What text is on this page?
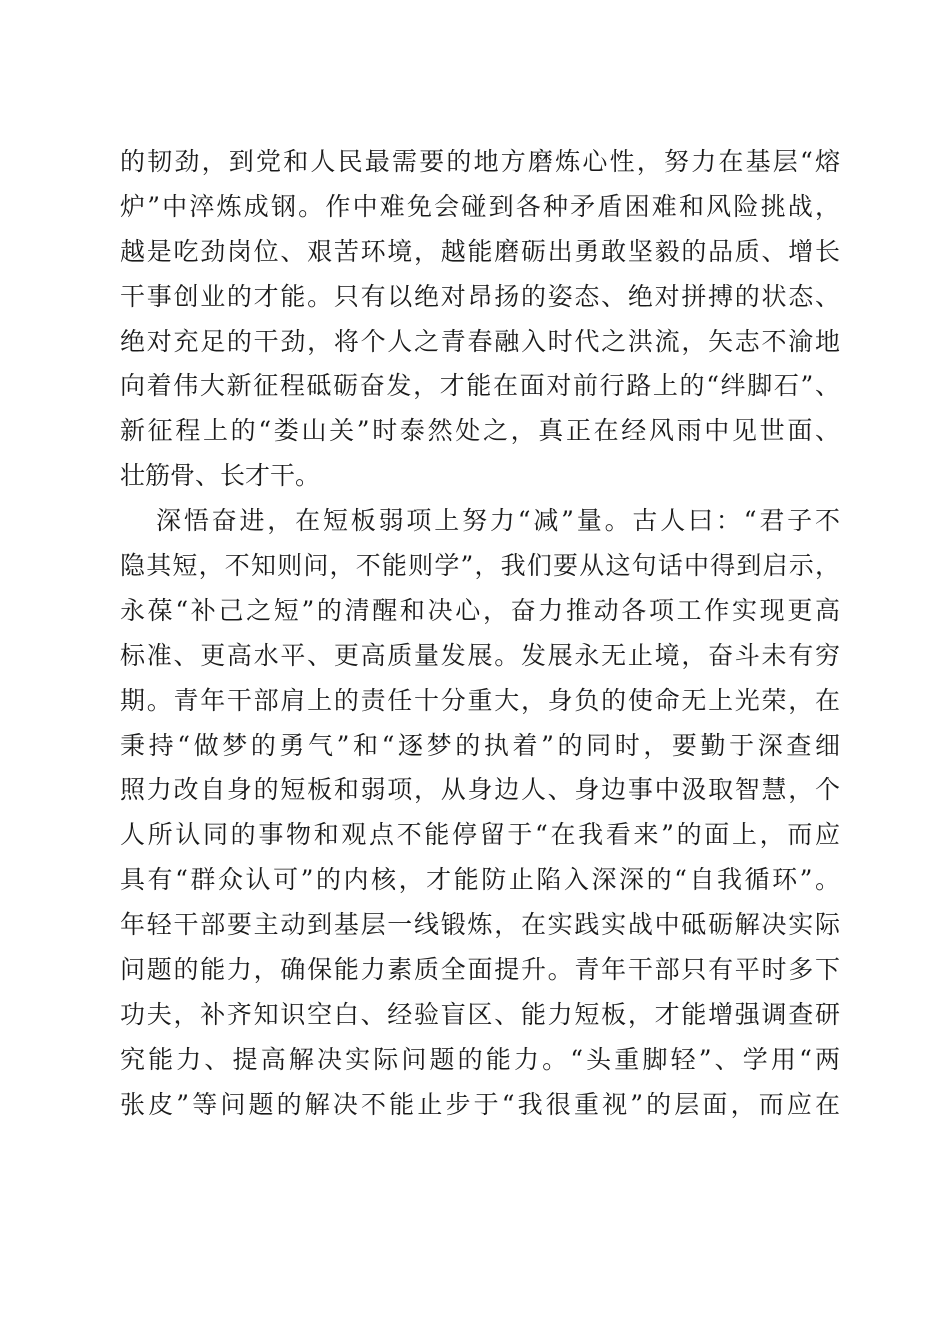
的韧劲，到党和人民最需要的地方磨炼心性，努力在基层“熔
炉”中淬炼成钢。作中难免会碰到各种矛盾困难和风险挑战，
越是吃劲岗位、艰苦环境，越能磨砺出勇敢坚毅的品质、增长
干事创业的才能。只有以绝对昂扬的姿态、绝对拼搏的状态、
绝对充足的干劲，将个人之青春融入时代之洪流，矢志不渝地
向着伟大新征程砥砺奋发，才能在面对前行路上的“绊脚石”、
新征程上的“娄山关”时泰然处之，真正在经风雨中见世面、
壮筋骨、长才干。
深悟奋进，在短板弱项上努力“减”量。古人曰：“君子不
隐其短，不知则问，不能则学”，我们要从这句话中得到启示，
永葆“补己之短”的清醒和决心，奋力推动各项工作实现更高
标准、更高水平、更高质量发展。发展永无止境，奋斗未有穷
期。青年干部肩上的责任十分重大，身负的使命无上光荣，在
秉持“做梦的勇气”和“逐梦的执着”的同时，要勤于深查细
照力改自身的短板和弱项，从身边人、身边事中汲取智慧，个
人所认同的事物和观点不能停留于“在我看来”的面上，而应
具有“群众认可”的内核，才能防止陷入深深的“自我循环”。
年轻干部要主动到基层一线锻炼，在实践实战中砥砺解决实际
问题的能力，确保能力素质全面提升。青年干部只有平时多下
功夫，补齐知识空白、经验盲区、能力短板，才能增强调查研
究能力、提高解决实际问题的能力。“头重脚轻”、学用“两
张皮”等问题的解决不能止步于“我很重视”的层面，而应在
